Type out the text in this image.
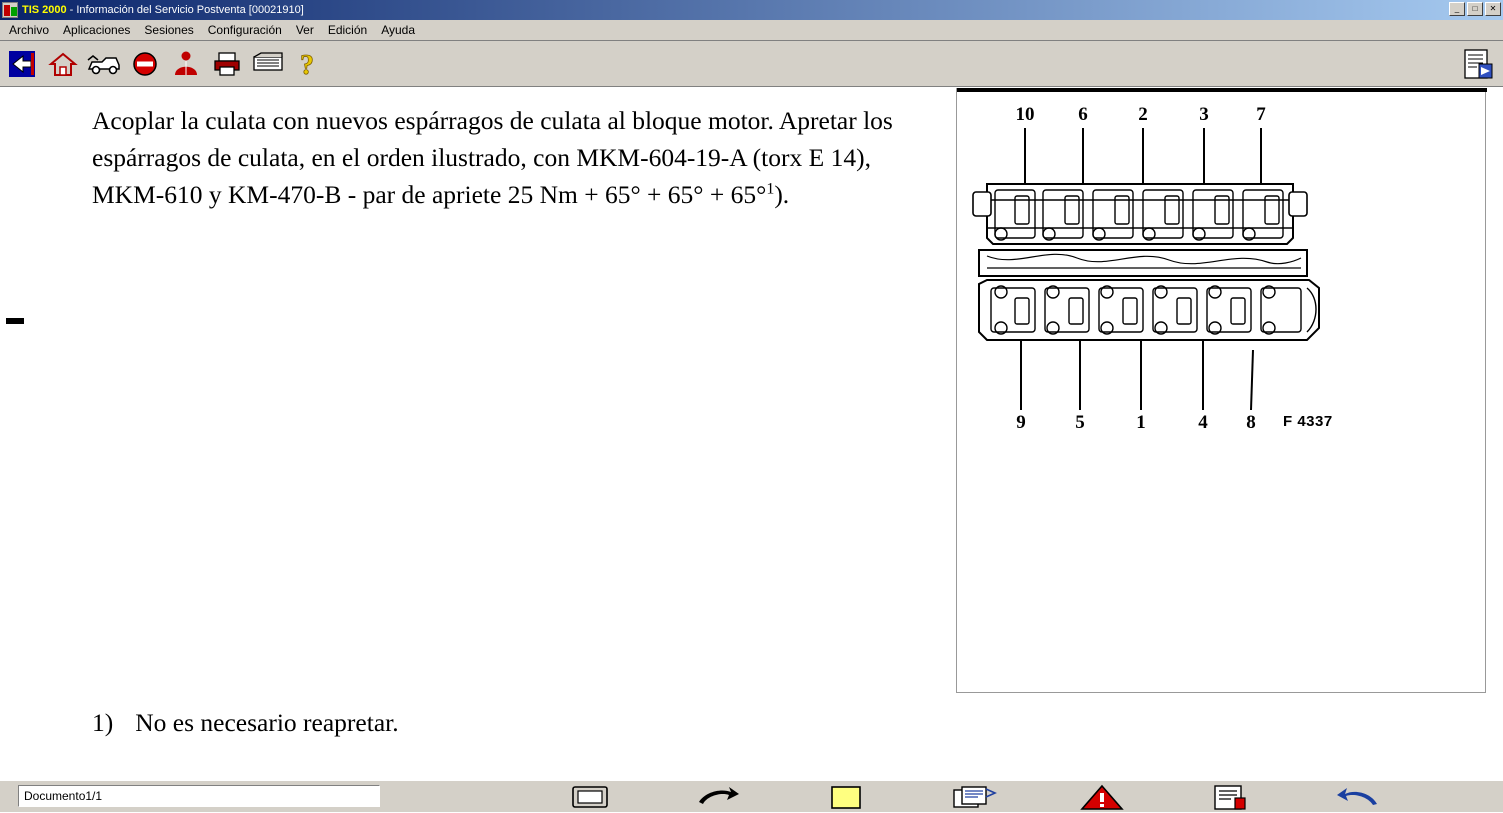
TIS 2000 - Información del Servicio Postventa [00021910]	_	□	✕
Archivo	Aplicaciones	Sesiones	Configuración	Ver	Edición	Ayuda
?
Acoplar la culata con nuevos espárragos de culata al bloque motor. Apretar los espárragos de culata, en el orden ilustrado, con MKM-604-19-A (torx E 14), MKM-610 y KM-470-B - par de apriete 25 Nm + 65° + 65° + 65°$^1$).
1) No es necesario reapretar.
10 6	2	3	7
9	5	1	4 8 F 4337
Documento1/1
